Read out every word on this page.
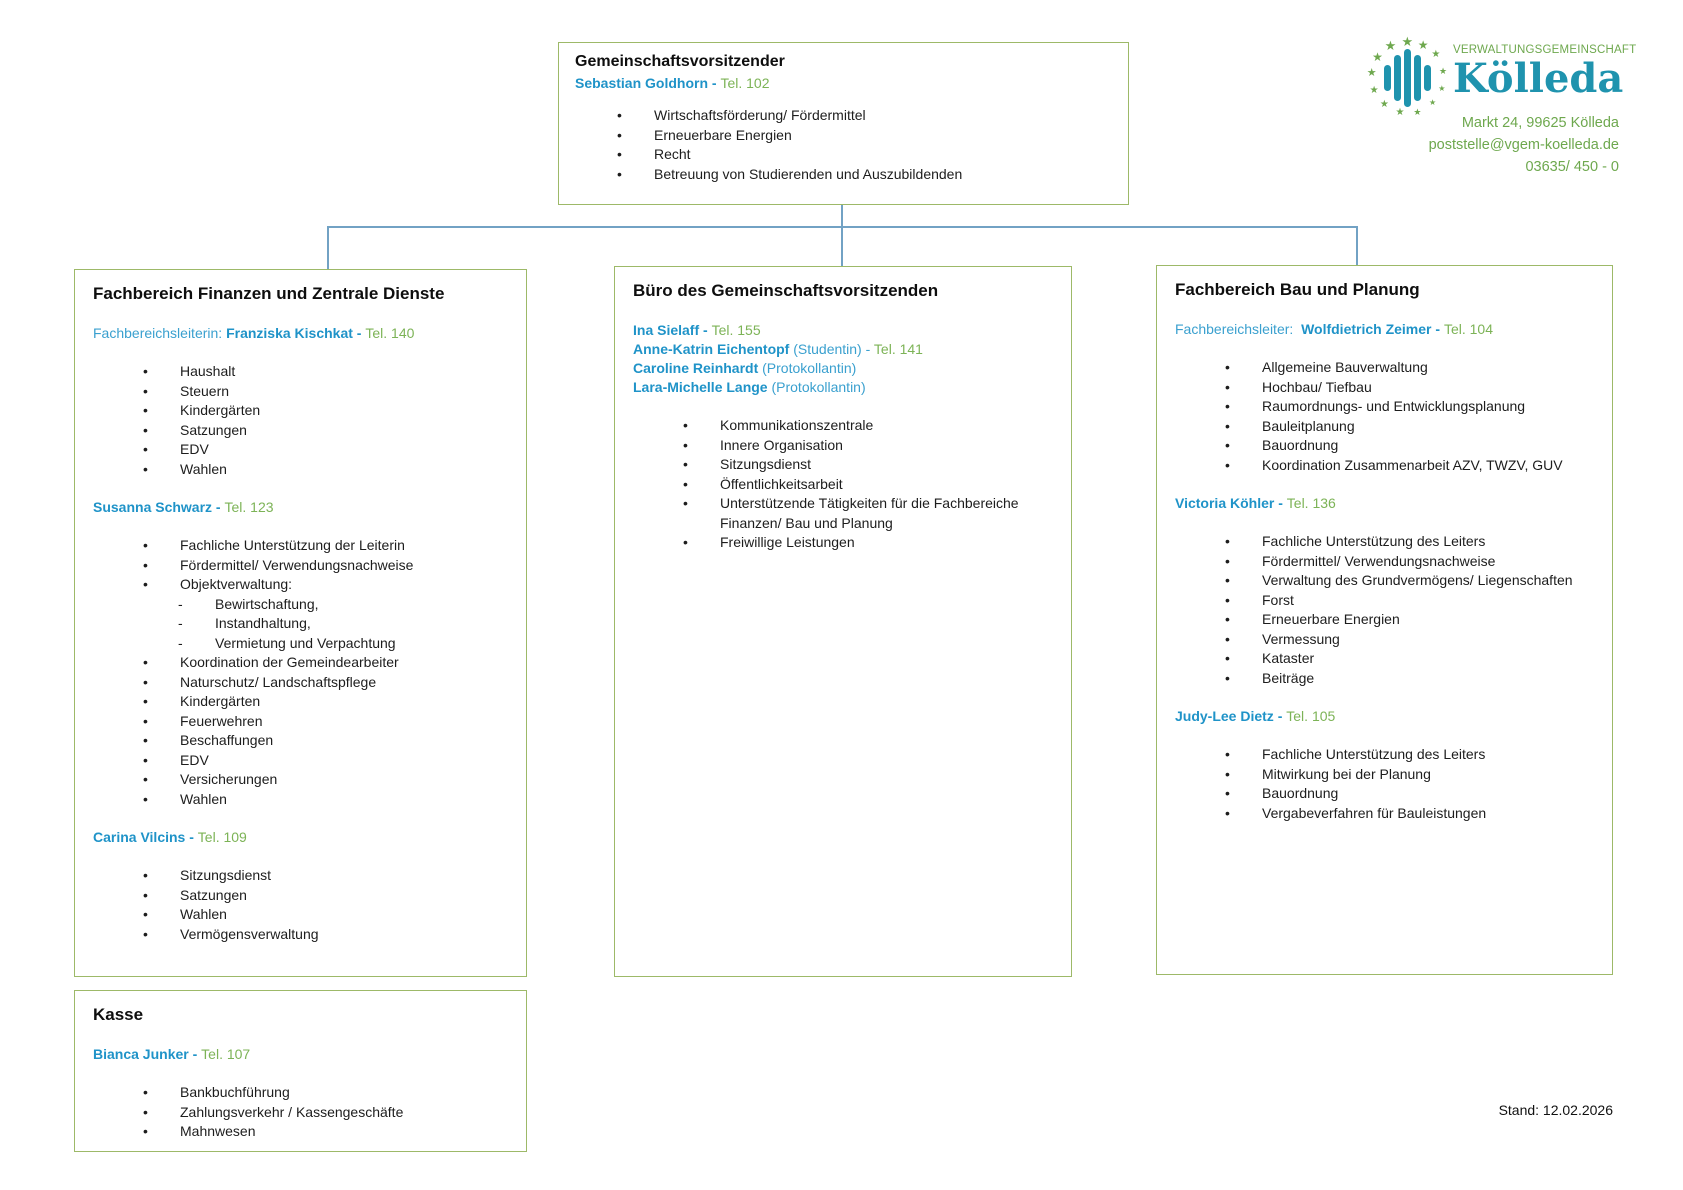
Gemeinschaftsvorsitzender
Sebastian Goldhorn - Tel. 102
•	Wirtschaftsförderung/ Fördermittel
•	Erneuerbare Energien
•	Recht
•	Betreuung von Studierenden und Auszubildenden
Fachbereich Finanzen und Zentrale Dienste
Fachbereichsleiterin: Franziska Kischkat - Tel. 140
•	Haushalt
•	Steuern
•	Kindergärten
•	Satzungen
•	EDV
•	Wahlen
Susanna Schwarz - Tel. 123
•	Fachliche Unterstützung der Leiterin
•	Fördermittel/ Verwendungsnachweise
•	Objektverwaltung:
-	Bewirtschaftung,
-	Instandhaltung,
-	Vermietung und Verpachtung
•	Koordination der Gemeindearbeiter
•	Naturschutz/ Landschaftspflege
•	Kindergärten
•	Feuerwehren
•	Beschaffungen
•	EDV
•	Versicherungen
•	Wahlen
Carina Vilcins - Tel. 109
•	Sitzungsdienst
•	Satzungen
•	Wahlen
•	Vermögensverwaltung
Büro des Gemeinschaftsvorsitzenden
Ina Sielaff - Tel. 155
Anne-Katrin Eichentopf (Studentin) - Tel. 141
Caroline Reinhardt (Protokollantin)
Lara-Michelle Lange (Protokollantin)
•	Kommunikationszentrale
•	Innere Organisation
•	Sitzungsdienst
•	Öffentlichkeitsarbeit
•	Unterstützende Tätigkeiten für die Fachbereiche Finanzen/ Bau und Planung
•	Freiwillige Leistungen
Fachbereich Bau und Planung
Fachbereichsleiter:  Wolfdietrich Zeimer - Tel. 104
•	Allgemeine Bauverwaltung
•	Hochbau/ Tiefbau
•	Raumordnungs- und Entwicklungsplanung
•	Bauleitplanung
•	Bauordnung
•	Koordination Zusammenarbeit AZV, TWZV, GUV
Victoria Köhler - Tel. 136
•	Fachliche Unterstützung des Leiters
•	Fördermittel/ Verwendungsnachweise
•	Verwaltung des Grundvermögens/ Liegenschaften
•	Forst
•	Erneuerbare Energien
•	Vermessung
•	Kataster
•	Beiträge
Judy-Lee Dietz - Tel. 105
•	Fachliche Unterstützung des Leiters
•	Mitwirkung bei der Planung
•	Bauordnung
•	Vergabeverfahren für Bauleistungen
Kasse
Bianca Junker - Tel. 107
•	Bankbuchführung
•	Zahlungsverkehr / Kassengeschäfte
•	Mahnwesen
★
★
★
★
★
★
★ ★
★
★
★
★
★ VERWALTUNGSGEMEINSCHAFT
Kölleda
Markt 24, 99625 Kölleda
poststelle@vgem-koelleda.de
03635/ 450 - 0
Stand: 12.02.2026
